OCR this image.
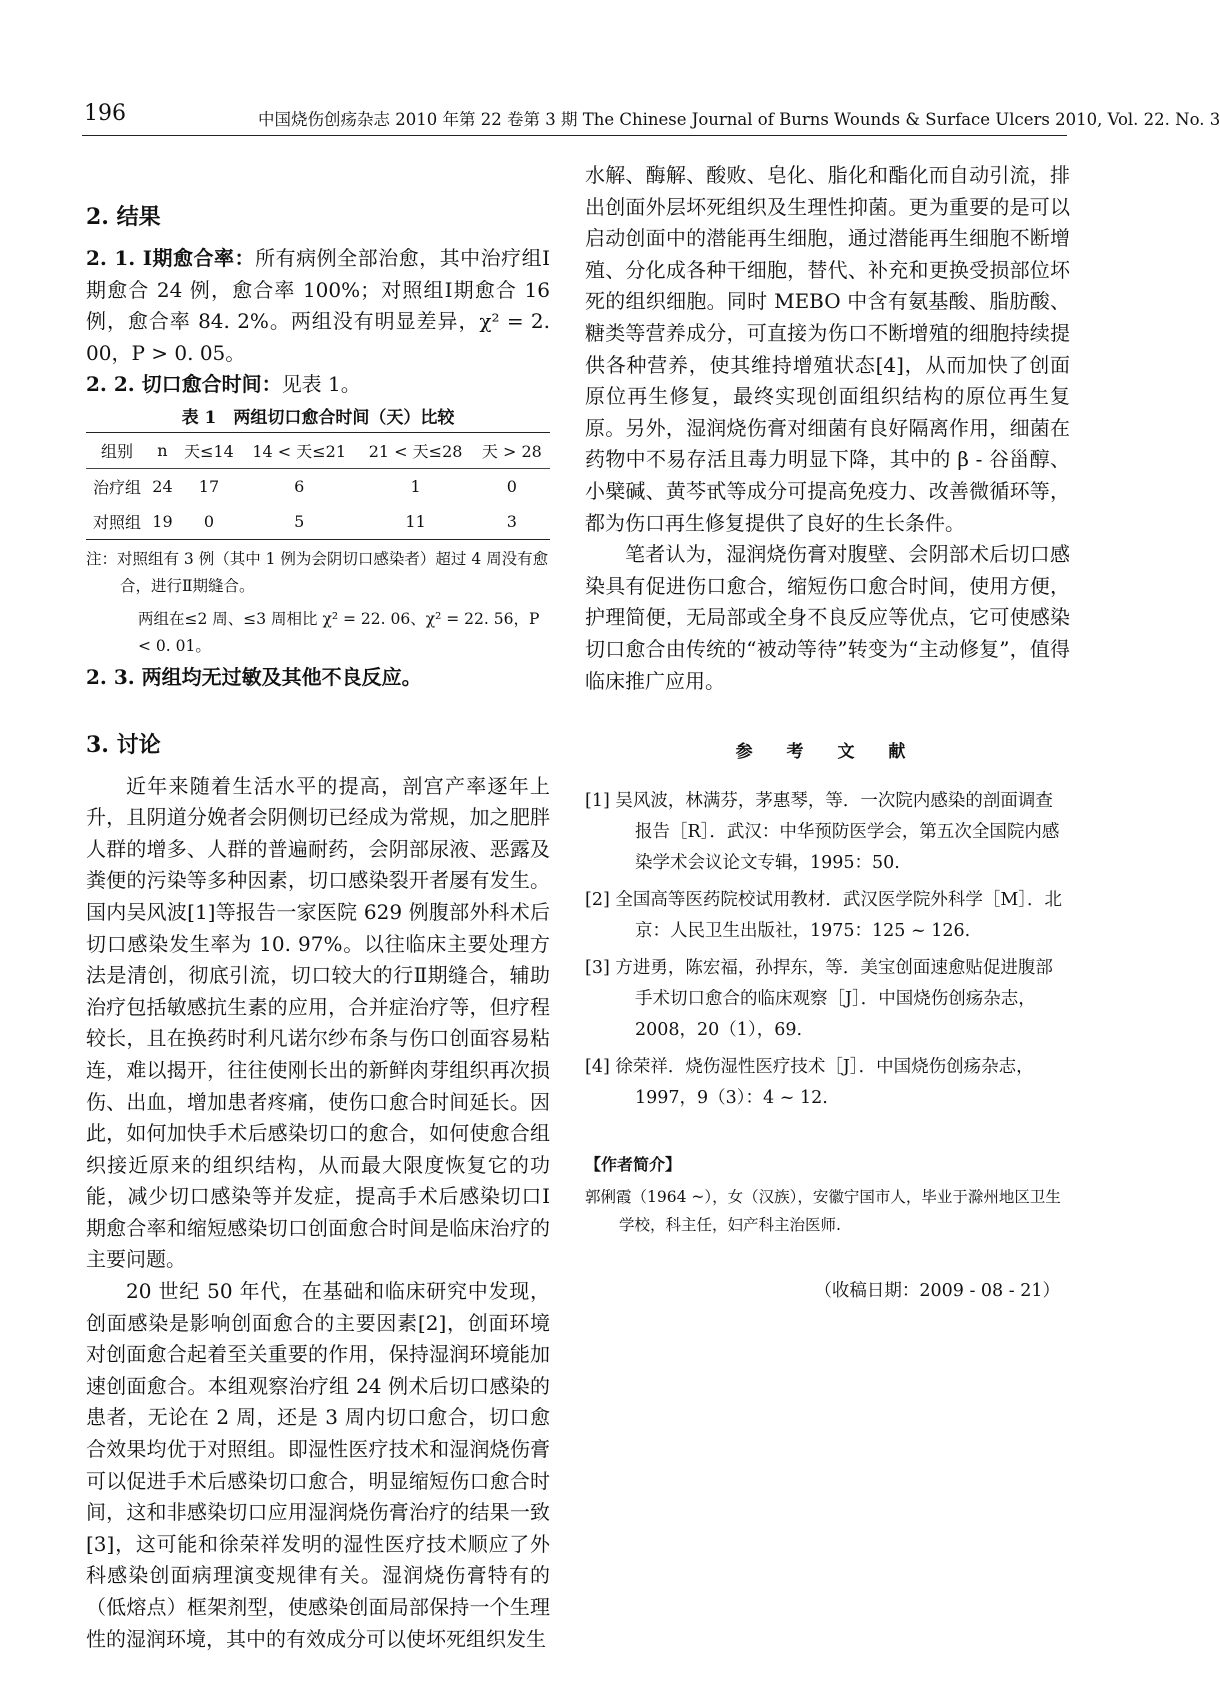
196	中国烧伤创疡杂志 2010 年第 22 卷第 3 期 The Chinese Journal of Burns Wounds & Surface Ulcers 2010, Vol. 22. No. 3
2. 结果

2. 1. Ⅰ期愈合率：所有病例全部治愈，其中治疗组Ⅰ期愈合 24 例，愈合率 100%；对照组Ⅰ期愈合 16 例，愈合率 84. 2%。两组没有明显差异，χ² = 2. 00，P > 0. 05。

2. 2. 切口愈合时间：见表 1。

表 1　两组切口愈合时间（天）比较
组别	n	天≤14	14 < 天≤21	21 < 天≤28	天 > 28
治疗组	24	17	6	1	0
对照组	19	0	5	11	3

注：对照组有 3 例（其中 1 例为会阴切口感染者）超过 4 周没有愈合，进行Ⅱ期缝合。

两组在≤2 周、≤3 周相比 χ² = 22. 06、χ² = 22. 56，P < 0. 01。

2. 3. 两组均无过敏及其他不良反应。

3. 讨论

近年来随着生活水平的提高，剖宫产率逐年上升，且阴道分娩者会阴侧切已经成为常规，加之肥胖人群的增多、人群的普遍耐药，会阴部尿液、恶露及粪便的污染等多种因素，切口感染裂开者屡有发生。国内吴风波[1]等报告一家医院 629 例腹部外科术后切口感染发生率为 10. 97%。以往临床主要处理方法是清创，彻底引流，切口较大的行Ⅱ期缝合，辅助治疗包括敏感抗生素的应用，合并症治疗等，但疗程较长，且在换药时利凡诺尔纱布条与伤口创面容易粘连，难以揭开，往往使刚长出的新鲜肉芽组织再次损伤、出血，增加患者疼痛，使伤口愈合时间延长。因此，如何加快手术后感染切口的愈合，如何使愈合组织接近原来的组织结构，从而最大限度恢复它的功能，减少切口感染等并发症，提高手术后感染切口Ⅰ期愈合率和缩短感染切口创面愈合时间是临床治疗的主要问题。

20 世纪 50 年代，在基础和临床研究中发现，创面感染是影响创面愈合的主要因素[2]，创面环境对创面愈合起着至关重要的作用，保持湿润环境能加速创面愈合。本组观察治疗组 24 例术后切口感染的患者，无论在 2 周，还是 3 周内切口愈合，切口愈合效果均优于对照组。即湿性医疗技术和湿润烧伤膏可以促进手术后感染切口愈合，明显缩短伤口愈合时间，这和非感染切口应用湿润烧伤膏治疗的结果一致[3]，这可能和徐荣祥发明的湿性医疗技术顺应了外科感染创面病理演变规律有关。湿润烧伤膏特有的（低熔点）框架剂型，使感染创面局部保持一个生理性的湿润环境，其中的有效成分可以使坏死组织发生

水解、酶解、酸败、皂化、脂化和酯化而自动引流，排出创面外层坏死组织及生理性抑菌。更为重要的是可以启动创面中的潜能再生细胞，通过潜能再生细胞不断增殖、分化成各种干细胞，替代、补充和更换受损部位坏死的组织细胞。同时 MEBO 中含有氨基酸、脂肪酸、糖类等营养成分，可直接为伤口不断增殖的细胞持续提供各种营养，使其维持增殖状态[4]，从而加快了创面原位再生修复，最终实现创面组织结构的原位再生复原。另外，湿润烧伤膏对细菌有良好隔离作用，细菌在药物中不易存活且毒力明显下降，其中的 β - 谷甾醇、小檗碱、黄芩甙等成分可提高免疫力、改善微循环等，都为伤口再生修复提供了良好的生长条件。

笔者认为，湿润烧伤膏对腹壁、会阴部术后切口感染具有促进伤口愈合，缩短伤口愈合时间，使用方便，护理简便，无局部或全身不良反应等优点，它可使感染切口愈合由传统的“被动等待”转变为“主动修复”，值得临床推广应用。

参 考 文 献

[1] 吴风波，林满芬，茅惠琴，等．一次院内感染的剖面调查报告［R］．武汉：中华预防医学会，第五次全国院内感染学术会议论文专辑，1995：50.

[2] 全国高等医药院校试用教材．武汉医学院外科学［M］．北京：人民卫生出版社，1975：125 ~ 126.

[3] 方进勇，陈宏福，孙捍东，等．美宝创面速愈贴促进腹部手术切口愈合的临床观察［J］．中国烧伤创疡杂志，2008，20（1），69.

[4] 徐荣祥．烧伤湿性医疗技术［J］．中国烧伤创疡杂志，1997，9（3）：4 ~ 12.

【作者简介】

郭俐霞（1964 ~），女（汉族），安徽宁国市人，毕业于滁州地区卫生学校，科主任，妇产科主治医师.

（收稿日期：2009 - 08 - 21）
